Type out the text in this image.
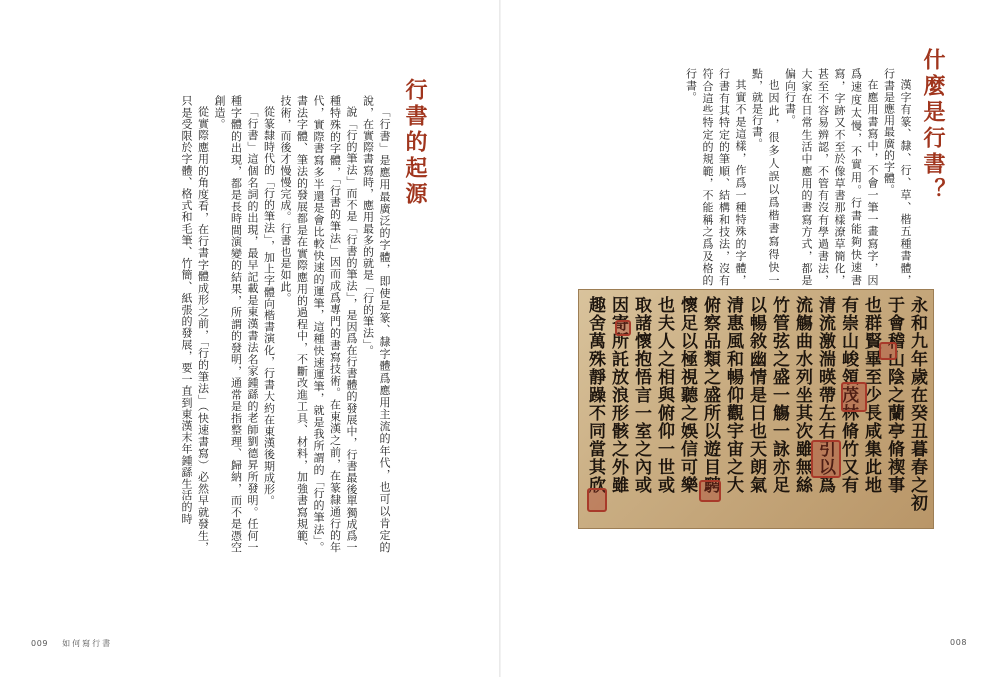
行書的起源

「行書」是應用最廣泛的字體，即使是篆、隸字體爲應用主流的年代，也可以肯定的說，在實際書寫時，應用最多的就是「行的筆法」。

說「行的筆法」而不是「行書的筆法」，是因爲在行書體的發展中，行書最後單獨成爲一種特殊的字體，「行書的筆法」因而成爲專門的書寫技術。在東漢之前，在篆隸通行的年代，實際書寫多半還是會比較快速的運筆，這種快速運筆，就是我所謂的「行的筆法」。書法字體、筆法的發展都是在實際應用的過程中，不斷改進工具、材料，加強書寫規範、技術，而後才慢慢完成。行書也是如此。

從篆隸時代的「行的筆法」，加上字體向楷書演化，行書大約在東漢後期成形。

「行書」這個名詞的出現，最早記載是東漢書法名家鍾繇的老師劉德昇所發明。任何一種字體的出現，都是長時間演變的結果，所謂的發明，通常是指整理、歸納，而不是憑空創造。

從實際應用的角度看，在行書字體成形之前，「行的筆法」（快速書寫）必然早就發生，只是受限於字體、格式和毛筆、竹簡、紙張的發展，要一直到東漢末年鍾繇生活的時

009 如何寫行書
什麼是行書？

漢字有篆、隸、行、草、楷五種書體，行書是應用最廣的字體。

在應用書寫中，不會一筆一畫寫字，因爲速度太慢，不實用。行書能夠快速書寫，字跡又不至於像草書那樣潦草簡化，甚至不容易辨認，不管有沒有學過書法，大家在日常生活中應用的書寫方式，都是偏向行書。

也因此，很多人誤以爲楷書寫得快一點，就是行書。

其實不是這樣，作爲一種特殊的字體，行書有其特定的筆順、結構和技法，沒有符合這些特定的規範，不能稱之爲及格的行書。

永和九年歲在癸丑暮春之初
于會稽山陰之蘭亭脩禊事
也群賢畢至少長咸集此地
有崇山峻領茂林脩竹又有
清流激湍暎帶左右引以爲
流觴曲水列坐其次雖無絲
竹管弦之盛一觴一詠亦足
以暢敘幽情是日也天朗氣
清惠風和暢仰觀宇宙之大
俯察品類之盛所以遊目騁
懷足以極視聽之娛信可樂
也夫人之相與俯仰一世或
取諸懷抱悟言一室之內或
因寄所託放浪形骸之外雖
趣舍萬殊靜躁不同當其欣
008
